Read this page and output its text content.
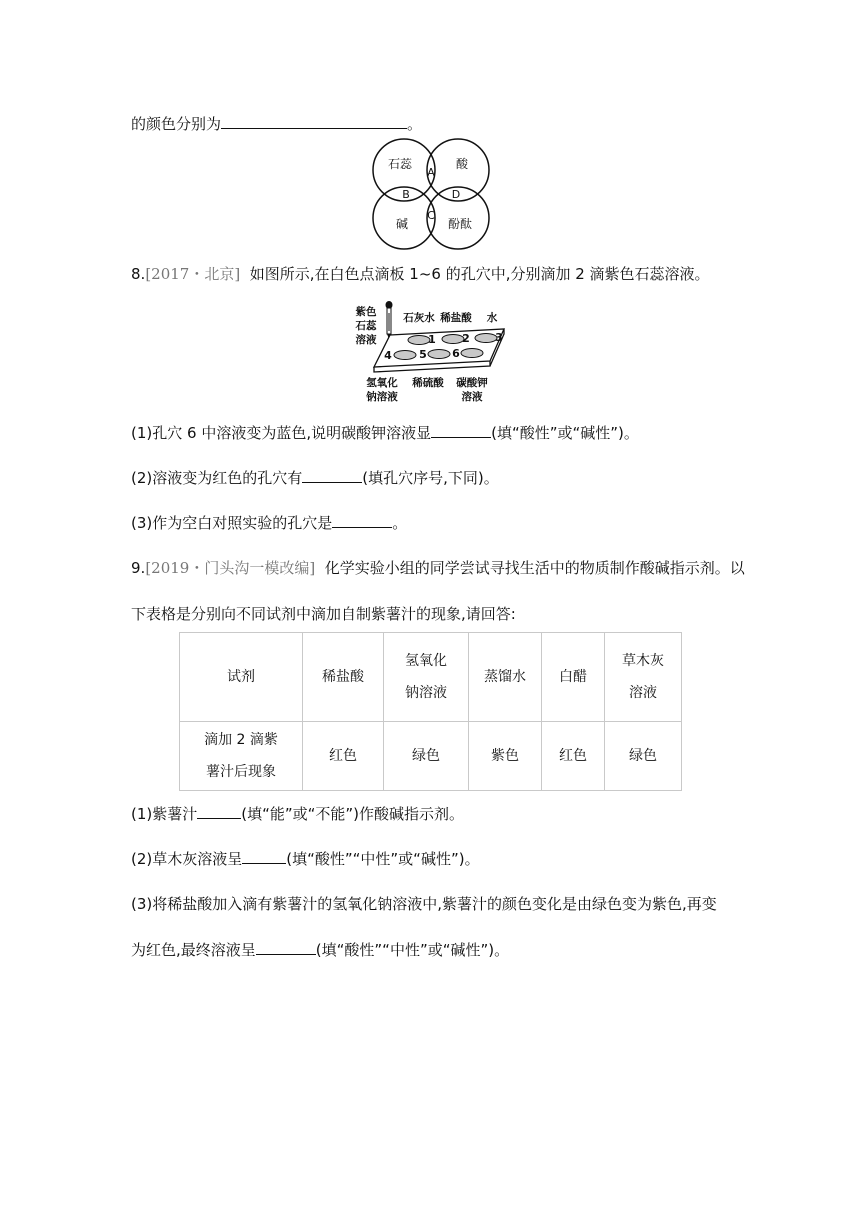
的颜色分别为	。
石蕊	酸
碱	酚酞
A
B
C
D
8.[2017・北京] 如图所示,在白色点滴板 1~6 的孔穴中,分别滴加 2 滴紫色石蕊溶液。
紫色
石蕊
溶液
石灰水 稀盐酸 水
氢氧化
钠溶液
稀硫酸 碳酸钾
溶液
1 2 3
4 5 6
(1)孔穴 6 中溶液变为蓝色,说明碳酸钾溶液显	(填“酸性”或“碱性”)。
(2)溶液变为红色的孔穴有	(填孔穴序号,下同)。
(3)作为空白对照实验的孔穴是	。
9.[2019・门头沟一模改编] 化学实验小组的同学尝试寻找生活中的物质制作酸碱指示剂。以
下表格是分别向不同试剂中滴加自制紫薯汁的现象,请回答:
试剂	稀盐酸	氢氧化
钠溶液	蒸馏水	白醋	草木灰
溶液
滴加 2 滴紫
薯汁后现象	红色	绿色	紫色	红色	绿色
(1)紫薯汁	(填“能”或“不能”)作酸碱指示剂。
(2)草木灰溶液呈	(填“酸性”“中性”或“碱性”)。
(3)将稀盐酸加入滴有紫薯汁的氢氧化钠溶液中,紫薯汁的颜色变化是由绿色变为紫色,再变
为红色,最终溶液呈	(填“酸性”“中性”或“碱性”)。
